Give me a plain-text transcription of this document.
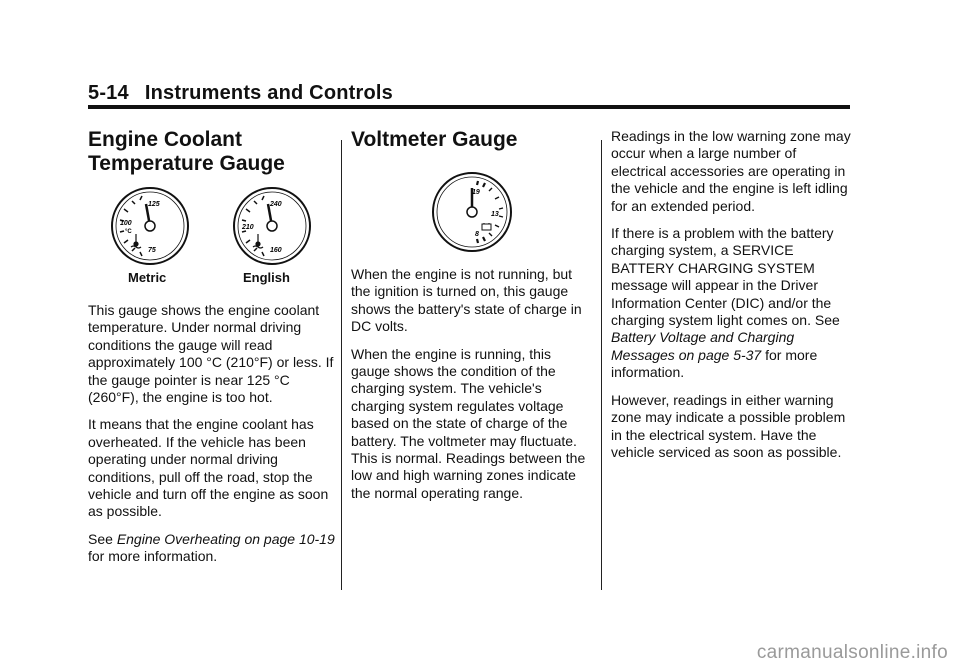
5-14 Instruments and Controls
Engine Coolant
Temperature Gauge
125
100
°C
75
240
210
160
Metric	English

This gauge shows the engine coolant temperature. Under normal driving conditions the gauge will read approximately 100 °C (210°F) or less. If the gauge pointer is near 125 °C (260°F), the engine is too hot.

It means that the engine coolant has overheated. If the vehicle has been operating under normal driving conditions, pull off the road, stop the vehicle and turn off the engine as soon as possible.

See Engine Overheating on page 10-19 for more information.

Voltmeter Gauge
19
13
8

When the engine is not running, but the ignition is turned on, this gauge shows the battery's state of charge in DC volts.

When the engine is running, this gauge shows the condition of the charging system. The vehicle's charging system regulates voltage based on the state of charge of the battery. The voltmeter may fluctuate. This is normal. Readings between the low and high warning zones indicate the normal operating range.

Readings in the low warning zone may occur when a large number of electrical accessories are operating in the vehicle and the engine is left idling for an extended period.

If there is a problem with the battery charging system, a SERVICE BATTERY CHARGING SYSTEM message will appear in the Driver Information Center (DIC) and/or the charging system light comes on. See Battery Voltage and Charging Messages on page 5-37 for more information.

However, readings in either warning zone may indicate a possible problem in the electrical system. Have the vehicle serviced as soon as possible.

carmanualsonline.info
